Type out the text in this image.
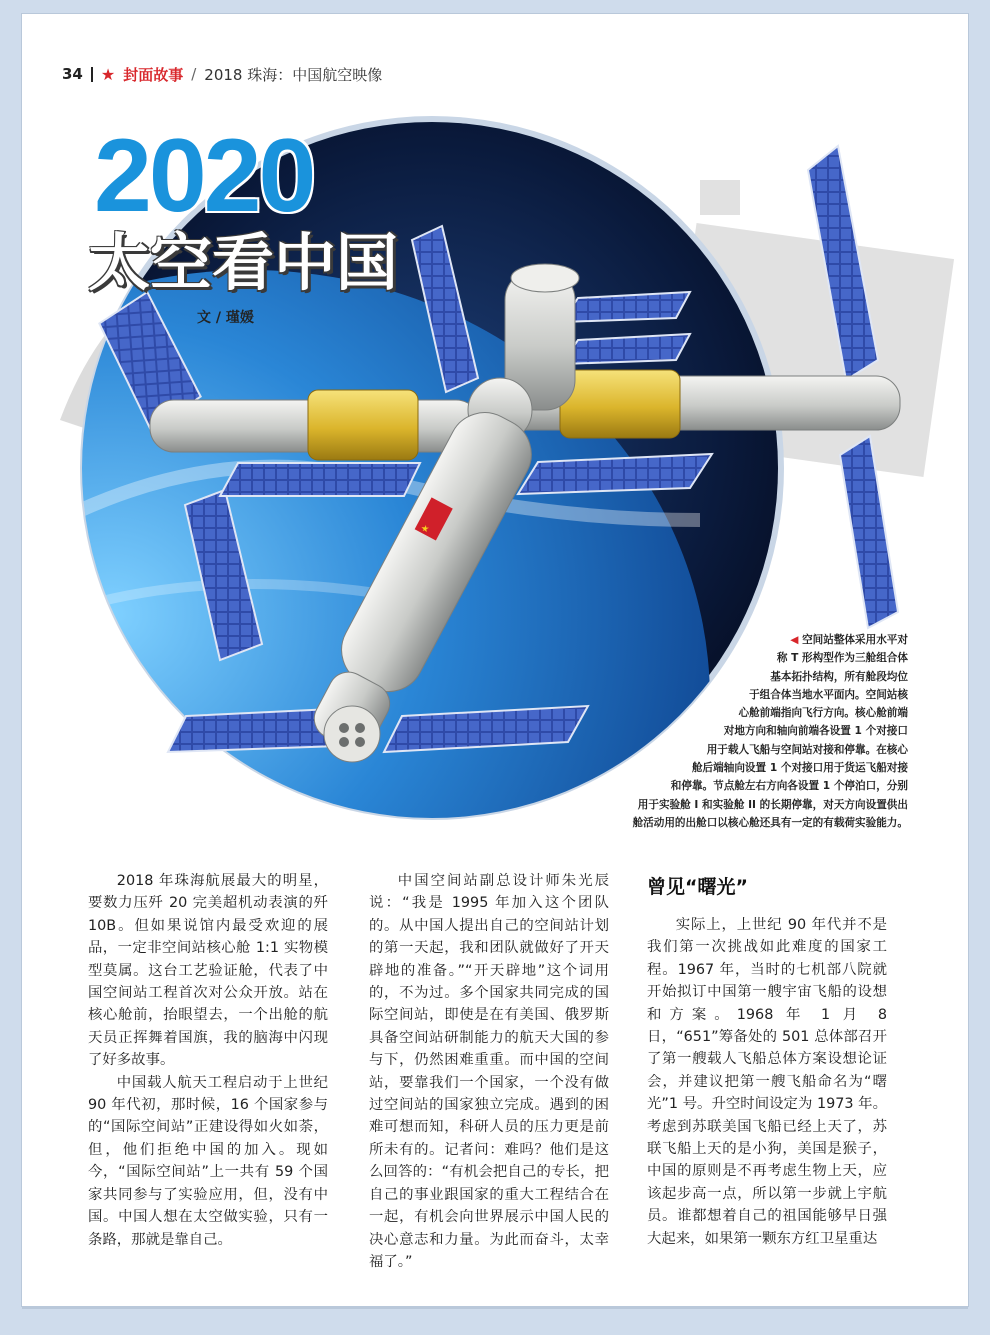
34 ★ 封面故事 / 2018 珠海：中国航空映像
2020
太空看中国
文 / 瑾媛
◀ 空间站整体采用水平对
称 T 形构型作为三舱组合体
基本拓扑结构，所有舱段均位
于组合体当地水平面内。空间站核
心舱前端指向飞行方向。核心舱前端
对地方向和轴向前端各设置 1 个对接口
用于载人飞船与空间站对接和停靠。在核心
舱后端轴向设置 1 个对接口用于货运飞船对接
和停靠。节点舱左右方向各设置 1 个停泊口，分别
用于实验舱 I 和实验舱 II 的长期停靠，对天方向设置供出
舱活动用的出舱口以核心舱还具有一定的有载荷实验能力。

2018 年珠海航展最大的明星，要数力压歼 20 完美超机动表演的歼 10B。但如果说馆内最受欢迎的展品，一定非空间站核心舱 1:1 实物模型莫属。这台工艺验证舱，代表了中国空间站工程首次对公众开放。站在核心舱前，抬眼望去，一个出舱的航天员正挥舞着国旗，我的脑海中闪现了好多故事。

中国载人航天工程启动于上世纪 90 年代初，那时候，16 个国家参与的“国际空间站”正建设得如火如荼，但，他们拒绝中国的加入。现如今，“国际空间站”上一共有 59 个国家共同参与了实验应用，但，没有中国。中国人想在太空做实验，只有一条路，那就是靠自己。

中国空间站副总设计师朱光辰说：“我是 1995 年加入这个团队的。从中国人提出自己的空间站计划的第一天起，我和团队就做好了开天辟地的准备。”“开天辟地”这个词用的，不为过。多个国家共同完成的国际空间站，即使是在有美国、俄罗斯具备空间站研制能力的航天大国的参与下，仍然困难重重。而中国的空间站，要靠我们一个国家，一个没有做过空间站的国家独立完成。遇到的困难可想而知，科研人员的压力更是前所未有的。记者问：难吗？他们是这么回答的：“有机会把自己的专长，把自己的事业跟国家的重大工程结合在一起，有机会向世界展示中国人民的决心意志和力量。为此而奋斗，太幸福了。”

曾见“曙光”

实际上，上世纪 90 年代并不是我们第一次挑战如此难度的国家工程。1967 年，当时的七机部八院就开始拟订中国第一艘宇宙飞船的设想和方案。1968 年 1 月 8 日，“651”筹备处的 501 总体部召开了第一艘载人飞船总体方案设想论证会，并建议把第一艘飞船命名为“曙光”1 号。升空时间设定为 1973 年。考虑到苏联美国飞船已经上天了，苏联飞船上天的是小狗，美国是猴子，中国的原则是不再考虑生物上天，应该起步高一点，所以第一步就上宇航员。谁都想着自己的祖国能够早日强大起来，如果第一颗东方红卫星重达
